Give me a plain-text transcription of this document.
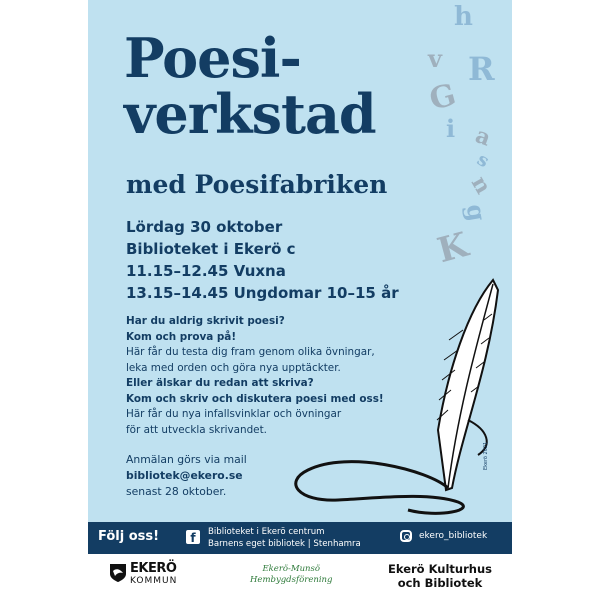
Poesi-
verkstad
med Poesifabriken
h
v R
G
i a
s
n
g
K
Lördag 30 oktober
Biblioteket i Ekerö c
11.15–12.45 Vuxna
13.15–14.45 Ungdomar 10–15 år
Har du aldrig skrivit poesi?
Kom och prova på!
Här får du testa dig fram genom olika övningar,
leka med orden och göra nya upptäckter.
Eller älskar du redan att skriva?
Kom och skriv och diskutera poesi med oss!
Här får du nya infallsvinklar och övningar
för att utveckla skrivandet.
Anmälan görs via mail
bibliotek@ekero.se
senast 28 oktober.
Ekerö 2021
Följ oss!	f	Biblioteket i Ekerö centrum
Barnens eget bibliotek | Stenhamra
ekero_bibliotek
EKERÖ
KOMMUN
Ekerö-Munsö
Hembygdsförening
Ekerö Kulturhus
och Bibliotek
